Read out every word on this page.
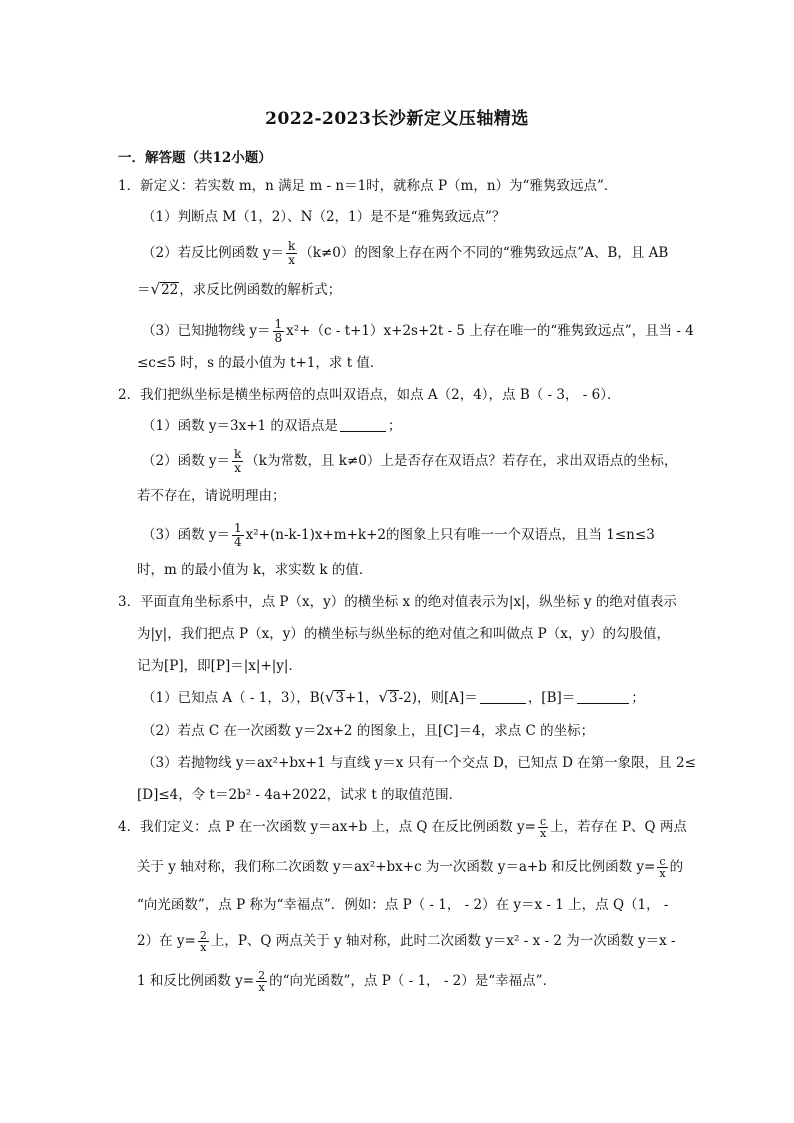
2022-2023长沙新定义压轴精选
一．解答题（共12小题）
1．新定义：若实数 m，n 满足 m - n＝1时，就称点 P（m，n）为“雅隽致远点”．
（1）判断点 M（1，2）、N（2，1）是不是“雅隽致远点”？
（2）若反比例函数 $y= \frac{k}{x} (k\ne 0)$的图象上存在两个不同的“雅隽致远点”A、B，且 AB
＝ √ 22 ，求反比例函数的解析式；
（3）已知抛物线 $y= \frac{1}{8} x^2+(c - t+1)x+2s+2t - 5$ 上存在唯一的“雅隽致远点”，且当 - 4
≤c≤5 时，s 的最小值为 t+1，求 t 值．
2．我们把纵坐标是横坐标两倍的点叫双语点，如点 A（2，4），点 B（ - 3， - 6）．
（1）函数 y＝3x+1 的双语点是	；
（2）函数 $y= \frac{k}{x} (k$为常数，且 k≠0）上是否存在双语点？若存在，求出双语点的坐标，
若不存在，请说明理由；
（3）函数 $y= \frac{1}{4} x^2+(n-k-1)x+m+k+2$的图象上只有唯一一个双语点，且当 1≤n≤3
时，m 的最小值为 k，求实数 k 的值．
3．平面直角坐标系中，点 P（x，y）的横坐标 x 的绝对值表示为|x|，纵坐标 y 的绝对值表示
为|y|，我们把点 P（x，y）的横坐标与纵坐标的绝对值之和叫做点 P（x，y）的勾股值，
记为[P]，即[P]＝|x|+|y|．
（1）已知点 A（ - 1，3），B( √ 3 +1， √ 3 -2)，则[A]＝	，[B]＝	；
（2）若点 C 在一次函数 y＝2x+2 的图象上，且[C]＝4，求点 C 的坐标；
（3）若抛物线 y＝ax²+bx+1 与直线 y＝x 只有一个交点 D，已知点 D 在第一象限，且 2≤
[D]≤4，令 t＝2b² - 4a+2022，试求 t 的取值范围．
4．我们定义：点 P 在一次函数 y＝ax+b 上，点 Q 在反比例函数 $y= \frac{c}{x}$ 上，若存在 P、Q 两点
关于 y 轴对称，我们称二次函数 y＝ax²+bx+c 为一次函数 y＝a+b 和反比例函数 $y= \frac{c}{x}$ 的
“向光函数”，点 P 称为“幸福点”．例如：点 P（ - 1， - 2）在 y＝x - 1 上，点 Q（1， -
2）在 $y= \frac{2}{x}$ 上，P、Q 两点关于 y 轴对称，此时二次函数 y＝x² - x - 2 为一次函数 y＝x -
1 和反比例函数 $y= \frac{2}{x}$ 的“向光函数”，点 P（ - 1， - 2）是“幸福点”．
